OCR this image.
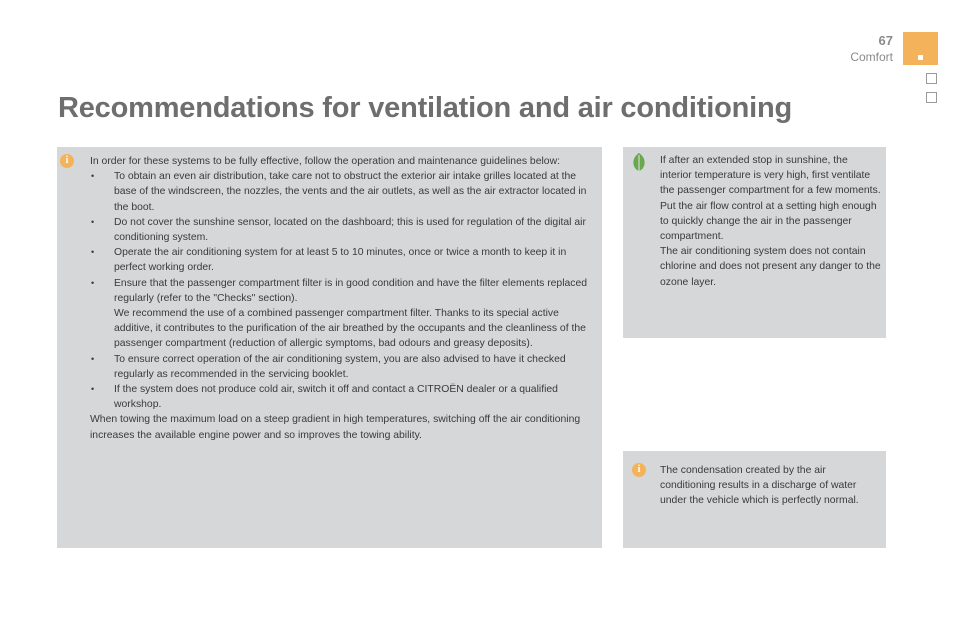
67
Comfort
Recommendations for ventilation and air conditioning
i	In order for these systems to be fully effective, follow the operation and maintenance guidelines below:
• To obtain an even air distribution, take care not to obstruct the exterior air intake grilles located at the base of the windscreen, the nozzles, the vents and the air outlets, as well as the air extractor located in the boot.
• Do not cover the sunshine sensor, located on the dashboard; this is used for regulation of the digital air conditioning system.
• Operate the air conditioning system for at least 5 to 10 minutes, once or twice a month to keep it in perfect working order.
• Ensure that the passenger compartment filter is in good condition and have the filter elements replaced regularly (refer to the "Checks" section).
We recommend the use of a combined passenger compartment filter. Thanks to its special active additive, it contributes to the purification of the air breathed by the occupants and the cleanliness of the passenger compartment (reduction of allergic symptoms, bad odours and greasy deposits).
• To ensure correct operation of the air conditioning system, you are also advised to have it checked regularly as recommended in the servicing booklet.
• If the system does not produce cold air, switch it off and contact a CITROËN dealer or a qualified workshop.
When towing the maximum load on a steep gradient in high temperatures, switching off the air conditioning increases the available engine power and so improves the towing ability.
If after an extended stop in sunshine, the interior temperature is very high, first ventilate the passenger compartment for a few moments.
Put the air flow control at a setting high enough to quickly change the air in the passenger compartment.
The air conditioning system does not contain chlorine and does not present any danger to the ozone layer.
i	The condensation created by the air conditioning results in a discharge of water under the vehicle which is perfectly normal.
